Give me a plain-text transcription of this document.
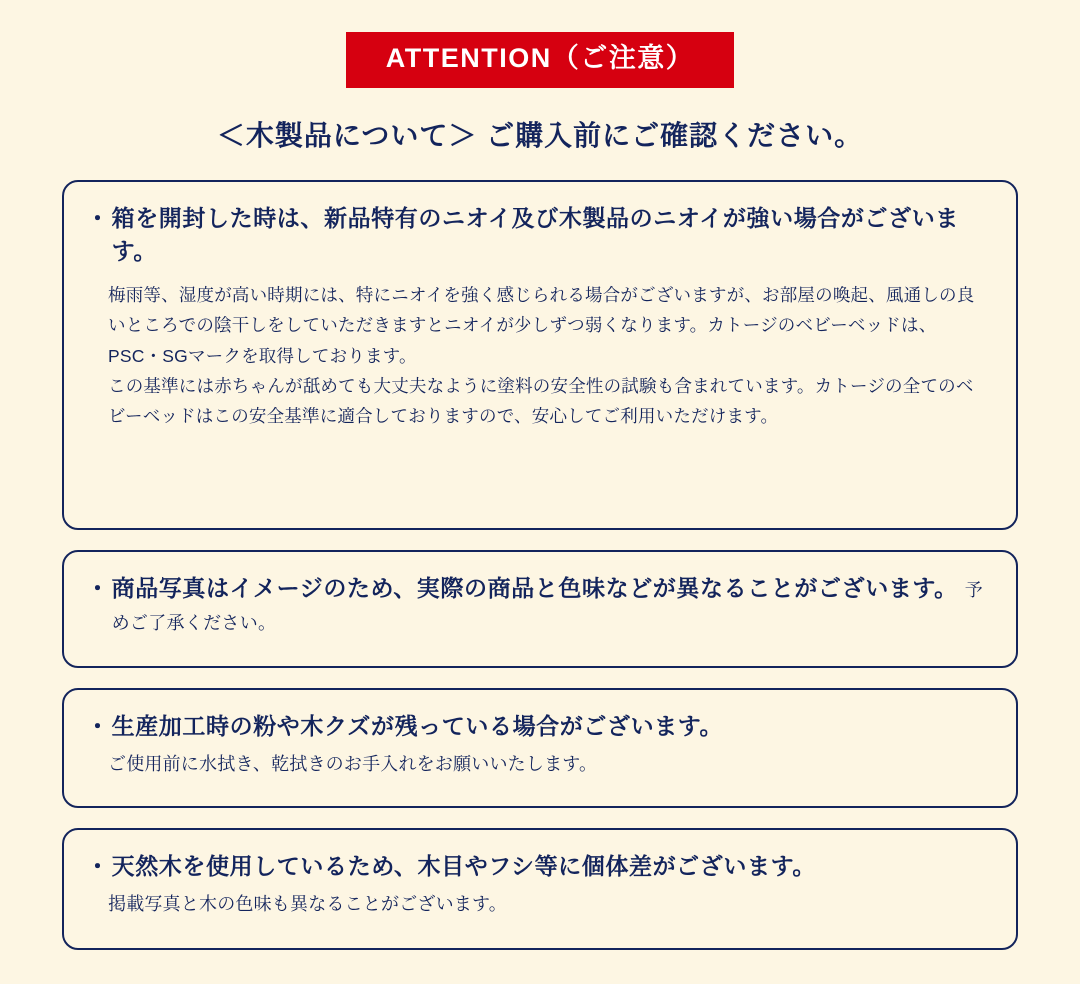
ATTENTION（ご注意）
＜木製品について＞ ご購入前にご確認ください。
・ 箱を開封した時は、新品特有のニオイ及び木製品のニオイが強い場合がございます。

梅雨等、湿度が高い時期には、特にニオイを強く感じられる場合がございますが、お部屋の喚起、風通しの良いところでの陰干しをしていただきますとニオイが少しずつ弱くなります。カトージのベビーベッドは、PSC・SGマークを取得しております。

この基準には赤ちゃんが舐めても大丈夫なように塗料の安全性の試験も含まれています。カトージの全てのベビーベッドはこの安全基準に適合しておりますので、安心してご利用いただけます。

・ 商品写真はイメージのため、実際の商品と色味などが異なることがございます。 予めご了承ください。
・ 生産加工時の粉や木クズが残っている場合がございます。

ご使用前に水拭き、乾拭きのお手入れをお願いいたします。

・ 天然木を使用しているため、木目やフシ等に個体差がございます。

掲載写真と木の色味も異なることがございます。
